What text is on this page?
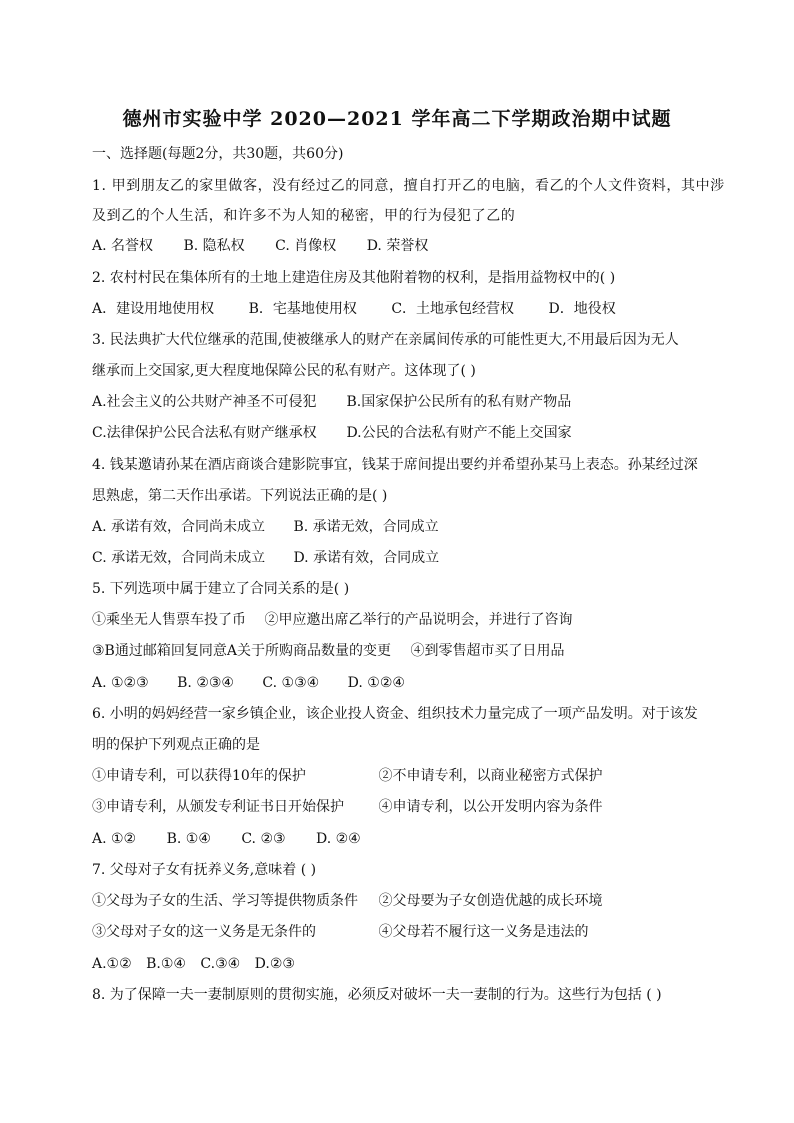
德州市实验中学 2020—2021 学年高二下学期政治期中试题
一、选择题(每题2分，共30题，共60分)
1. 甲到朋友乙的家里做客，没有经过乙的同意，擅自打开乙的电脑，看乙的个人文件资料，其中涉
及到乙的个人生活，和许多不为人知的秘密，甲的行为侵犯了乙的
A. 名誉权 B. 隐私权 C. 肖像权 D. 荣誉权
2. 农村村民在集体所有的土地上建造住房及其他附着物的权利，是指用益物权中的( )
A．建设用地使用权 B．宅基地使用权 C．土地承包经营权 D．地役权
3. 民法典扩大代位继承的范围,使被继承人的财产在亲属间传承的可能性更大,不用最后因为无人
继承而上交国家,更大程度地保障公民的私有财产。这体现了( )
A.社会主义的公共财产神圣不可侵犯 B.国家保护公民所有的私有财产物品
C.法律保护公民合法私有财产继承权 D.公民的合法私有财产不能上交国家
4. 钱某邀请孙某在酒店商谈合建影院事宜，钱某于席间提出要约并希望孙某马上表态。孙某经过深
思熟虑，第二天作出承诺。下列说法正确的是( )
A. 承诺有效，合同尚未成立 B. 承诺无效，合同成立
C. 承诺无效，合同尚未成立 D. 承诺有效，合同成立
5. 下列选项中属于建立了合同关系的是( )
①乘坐无人售票车投了币 ②甲应邀出席乙举行的产品说明会，并进行了咨询
③B通过邮箱回复同意A关于所购商品数量的变更 ④到零售超市买了日用品
A. ①②③ B. ②③④ C. ①③④ D. ①②④
6. 小明的妈妈经营一家乡镇企业，该企业投人资金、组织技术力量完成了一项产品发明。对于该发
明的保护下列观点正确的是
①申请专利，可以获得10年的保护	②不申请专利，以商业秘密方式保护
③申请专利，从颁发专利证书日开始保护 ④申请专利，以公开发明内容为条件
A. ①② B. ①④ C. ②③ D. ②④
7. 父母对子女有抚养义务,意味着 ( )
①父母为子女的生活、学习等提供物质条件 ②父母要为子女创造优越的成长环境
③父母对子女的这一义务是无条件的	④父母若不履行这一义务是违法的
A.①② B.①④ C.③④ D.②③
8. 为了保障一夫一妻制原则的贯彻实施，必须反对破坏一夫一妻制的行为。这些行为包括 ( )
